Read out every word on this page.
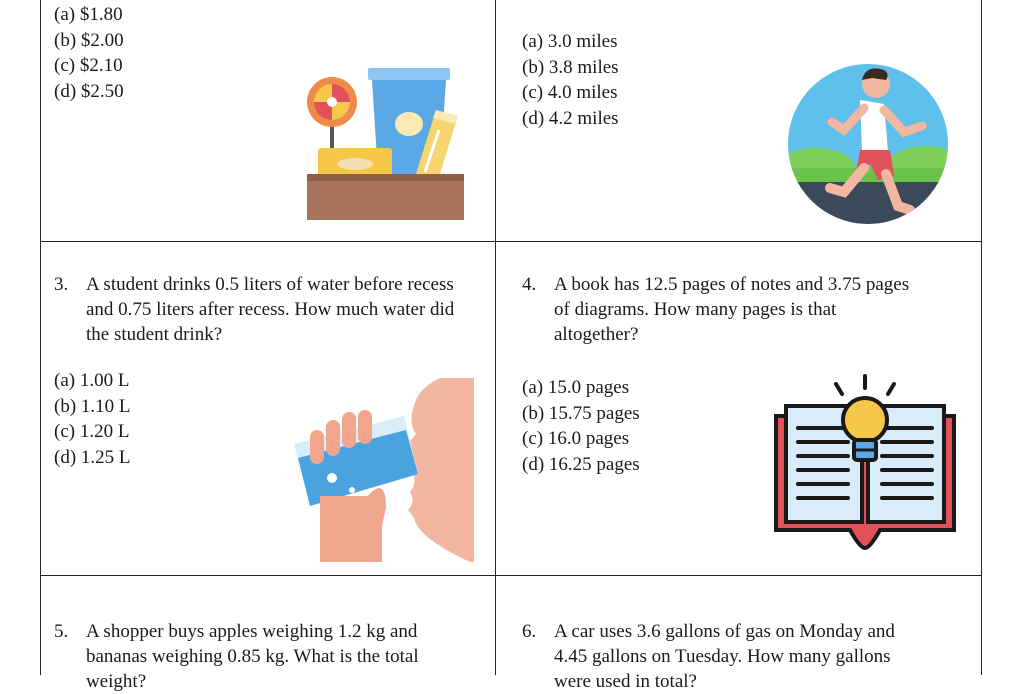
(a) $1.80
(b) $2.00
(c) $2.10
(d) $2.50
(a) 3.0 miles
(b) 3.8 miles
(c) 4.0 miles
(d) 4.2 miles
3. A student drinks 0.5 liters of water before recess
and 0.75 liters after recess. How much water did
the student drink?
(a) 1.00 L
(b) 1.10 L
(c) 1.20 L
(d) 1.25 L
4. A book has 12.5 pages of notes and 3.75 pages
of diagrams. How many pages is that
altogether?
(a) 15.0 pages
(b) 15.75 pages
(c) 16.0 pages
(d) 16.25 pages
5. A shopper buys apples weighing 1.2 kg and
bananas weighing 0.85 kg. What is the total
weight?
6. A car uses 3.6 gallons of gas on Monday and
4.45 gallons on Tuesday. How many gallons
were used in total?
